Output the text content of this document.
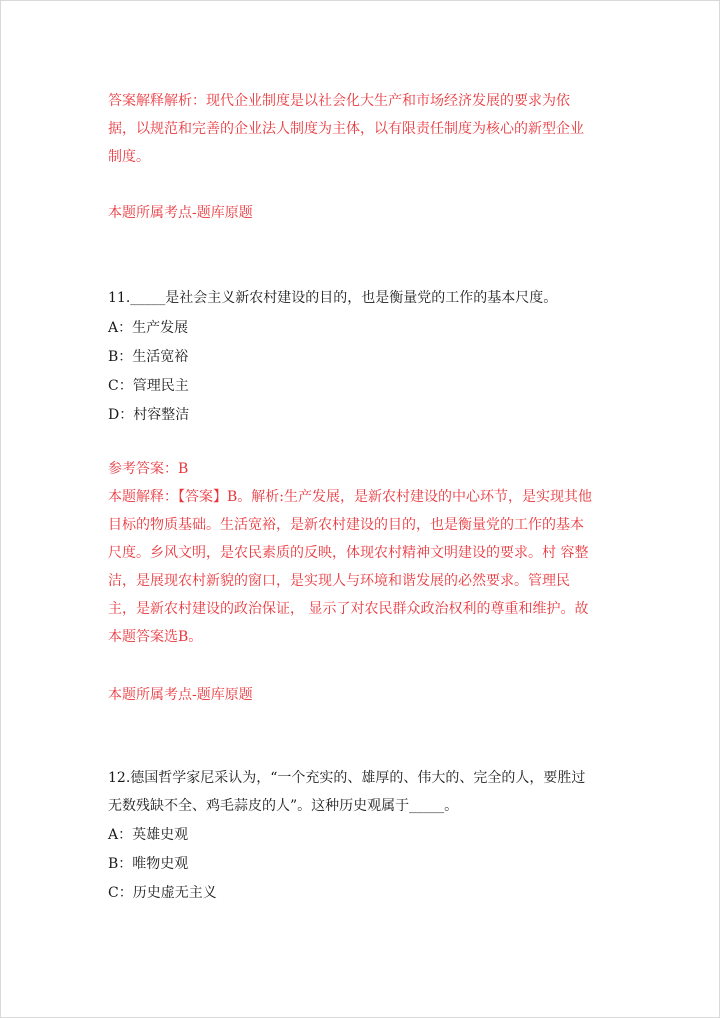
答案解释解析：现代企业制度是以社会化大生产和市场经济发展的要求为依
据，以规范和完善的企业法人制度为主体，以有限责任制度为核心的新型企业
制度。
本题所属考点-题库原题
11._____是社会主义新农村建设的目的，也是衡量党的工作的基本尺度。
A：生产发展
B：生活宽裕
C：管理民主
D：村容整洁
参考答案：B
本题解释：【答案】B。解析:生产发展，是新农村建设的中心环节，是实现其他
目标的物质基础。生活宽裕，是新农村建设的目的，也是衡量党的工作的基本
尺度。乡风文明，是农民素质的反映，体现农村精神文明建设的要求。村 容整
洁，是展现农村新貌的窗口，是实现人与环境和谐发展的必然要求。管理民
主，是新农村建设的政治保证， 显示了对农民群众政治权利的尊重和维护。故
本题答案选B。
本题所属考点-题库原题
12.德国哲学家尼采认为，“一个充实的、雄厚的、伟大的、完全的人，要胜过
无数残缺不全、鸡毛蒜皮的人”。这种历史观属于_____。
A：英雄史观
B：唯物史观
C：历史虚无主义
